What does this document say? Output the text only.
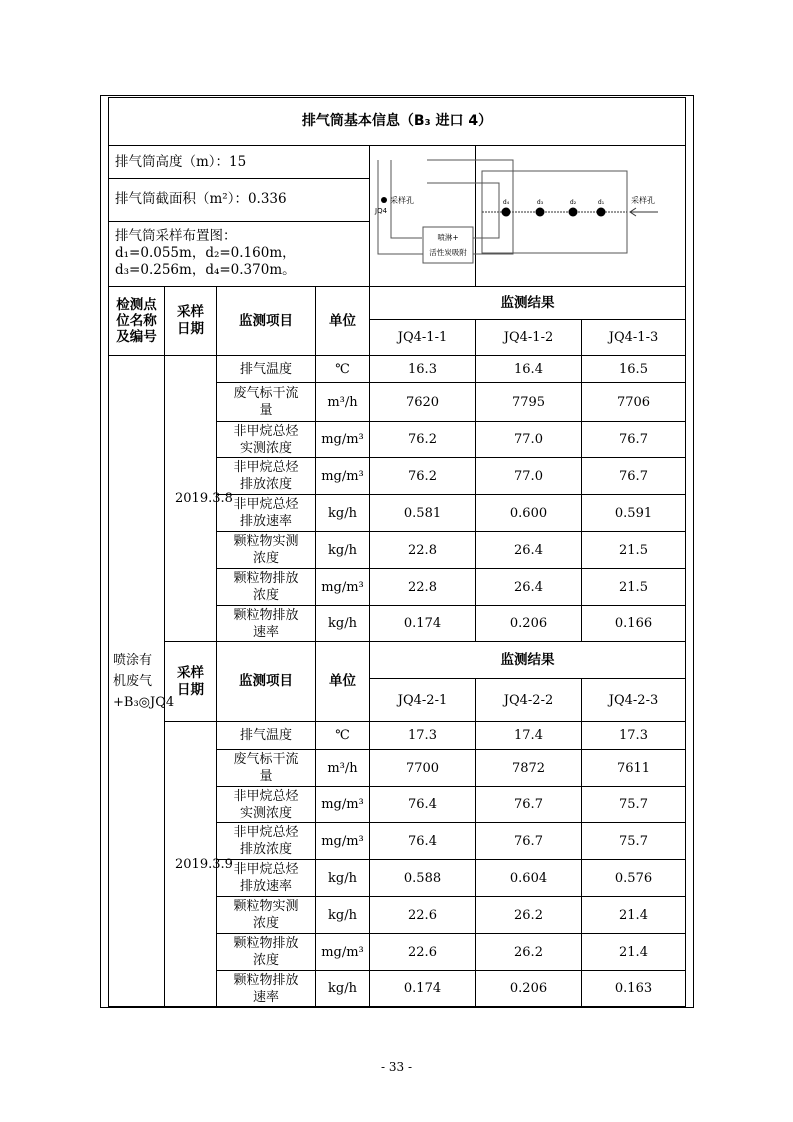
排气筒基本信息（B₃ 进口 4）						
排气筒高度（m）：15				采样孔
JQ4
喷淋+
活性炭吸附	d₄ d₃ d₂ d₁ 采样孔	

排气筒截面积（m²）：0.336						

排气筒采样布置图：
d₁=0.055m，d₂=0.160m，
d₃=0.256m，d₄=0.370m。						

检测点位名称及编号	采样日期	监测项目	单位	监测结果		
				JQ4-1-1	JQ4-1-2	JQ4-1-3
喷涂有机废气+B₃◎JQ4	2019.3.8	排气温度	℃	16.3	16.4	16.5
		废气标干流量	m³/h	7620	7795	7706
		非甲烷总烃实测浓度	mg/m³	76.2	77.0	76.7
		非甲烷总烃排放浓度	mg/m³	76.2	77.0	76.7
		非甲烷总烃排放速率	kg/h	0.581	0.600	0.591
		颗粒物实测浓度	kg/h	22.8	26.4	21.5
		颗粒物排放浓度	mg/m³	22.8	26.4	21.5
		颗粒物排放速率	kg/h	0.174	0.206	0.166
	采样日期	监测项目	单位	监测结果		
				JQ4-2-1	JQ4-2-2	JQ4-2-3
	2019.3.9	排气温度	℃	17.3	17.4	17.3
		废气标干流量	m³/h	7700	7872	7611
		非甲烷总烃实测浓度	mg/m³	76.4	76.7	75.7
		非甲烷总烃排放浓度	mg/m³	76.4	76.7	75.7
		非甲烷总烃排放速率	kg/h	0.588	0.604	0.576
		颗粒物实测浓度	kg/h	22.6	26.2	21.4
		颗粒物排放浓度	mg/m³	22.6	26.2	21.4
		颗粒物排放速率	kg/h	0.174	0.206	0.163
- 33 -
